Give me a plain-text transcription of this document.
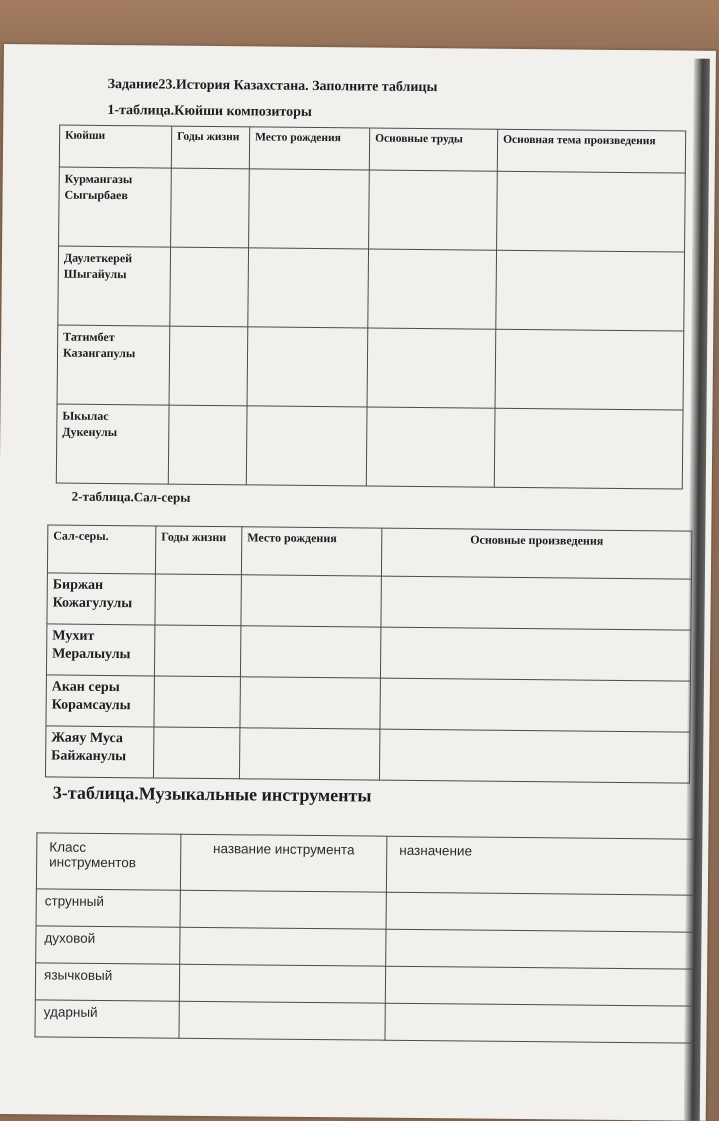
Задание23.История Казахстана. Заполните таблицы
1-таблица.Кюйши композиторы
Кюйши	Годы жизни	Место рождения	Основные труды	Основная тема произведения
Курмангазы Сыгырбаев				
Даулеткерей Шыгайулы				
Татимбет Казангапулы				
Ыкылас Дукенулы				
2-таблица.Сал-серы
Сал-серы.	Годы жизни	Место рождения	Основные произведения
Биржан Кожагулулы			
Мухит Мералыулы			
Акан серы Корамсаулы			
Жаяу Муса Байжанулы			
3-таблица.Музыкальные инструменты
Класс инструментов	название инструмента	назначение
струнный		
духовой		
язычковый		
ударный		
